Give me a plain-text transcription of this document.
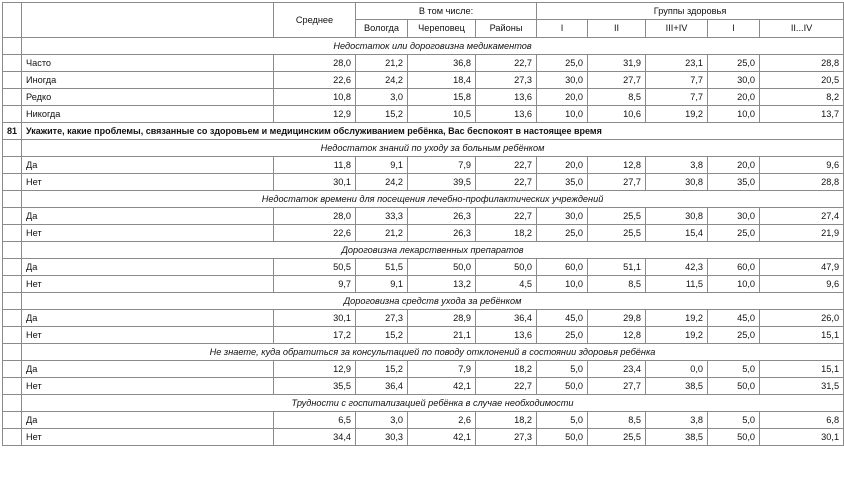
		Среднее	В том числе:			Группы здоровья				
			Вологда	Череповец	Районы	I	II	III+IV	I	II...IV
	Недостаток или дороговизна медикаментов									
	Часто	28,0	21,2	36,8	22,7	25,0	31,9	23,1	25,0	28,8
	Иногда	22,6	24,2	18,4	27,3	30,0	27,7	7,7	30,0	20,5
	Редко	10,8	3,0	15,8	13,6	20,0	8,5	7,7	20,0	8,2
	Никогда	12,9	15,2	10,5	13,6	10,0	10,6	19,2	10,0	13,7
81	Укажите, какие проблемы, связанные со здоровьем и медицинским обслуживанием ребёнка, Вас беспокоят в настоящее время									
	Недостаток знаний по уходу за больным ребёнком									
	Да	11,8	9,1	7,9	22,7	20,0	12,8	3,8	20,0	9,6
	Нет	30,1	24,2	39,5	22,7	35,0	27,7	30,8	35,0	28,8
	Недостаток времени для посещения лечебно-профилактических учреждений									
	Да	28,0	33,3	26,3	22,7	30,0	25,5	30,8	30,0	27,4
	Нет	22,6	21,2	26,3	18,2	25,0	25,5	15,4	25,0	21,9
	Дороговизна лекарственных препаратов									
	Да	50,5	51,5	50,0	50,0	60,0	51,1	42,3	60,0	47,9
	Нет	9,7	9,1	13,2	4,5	10,0	8,5	11,5	10,0	9,6
	Дороговизна средств ухода за ребёнком									
	Да	30,1	27,3	28,9	36,4	45,0	29,8	19,2	45,0	26,0
	Нет	17,2	15,2	21,1	13,6	25,0	12,8	19,2	25,0	15,1
	Не знаете, куда обратиться за консультацией по поводу отклонений в состоянии здоровья ребёнка									
	Да	12,9	15,2	7,9	18,2	5,0	23,4	0,0	5,0	15,1
	Нет	35,5	36,4	42,1	22,7	50,0	27,7	38,5	50,0	31,5
	Трудности с госпитализацией ребёнка в случае необходимости									
	Да	6,5	3,0	2,6	18,2	5,0	8,5	3,8	5,0	6,8
	Нет	34,4	30,3	42,1	27,3	50,0	25,5	38,5	50,0	30,1
